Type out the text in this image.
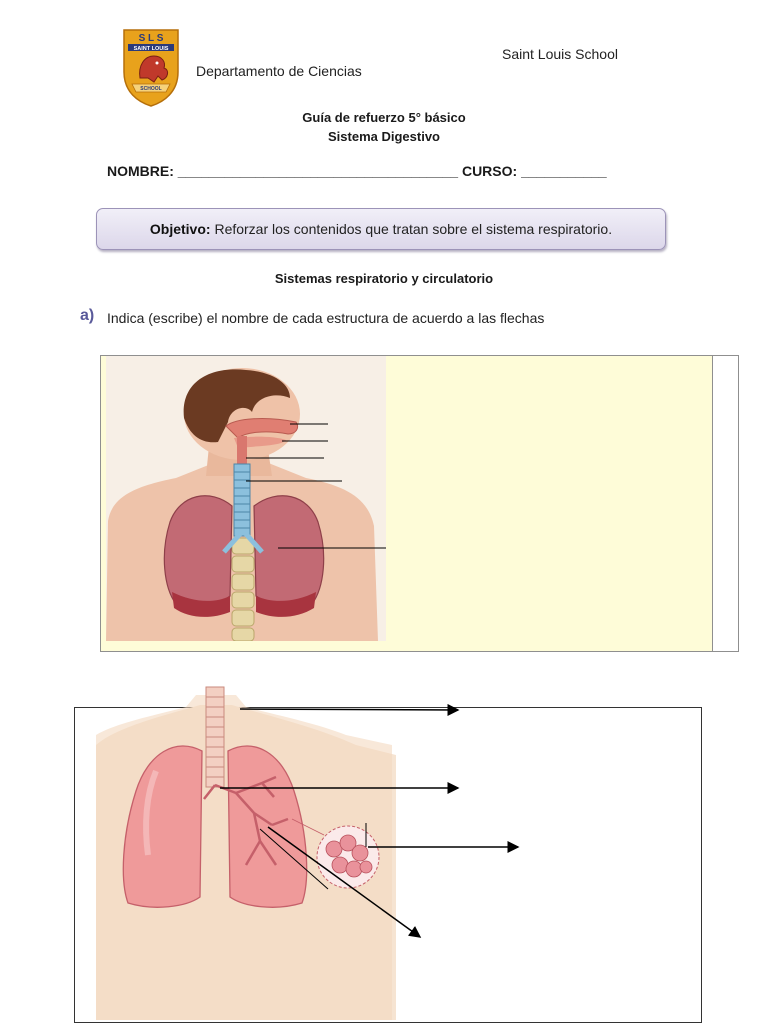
S L S
SAINT LOUIS
SCHOOL
Departamento de Ciencias
Saint Louis School
Guía de refuerzo 5° básico
Sistema Digestivo
NOMBRE: ____________________________________ CURSO: ___________
Objetivo: Reforzar los contenidos que tratan sobre el sistema respiratorio.
Sistemas respiratorio y circulatorio
a) Indica (escribe) el nombre de cada estructura de acuerdo a las flechas
